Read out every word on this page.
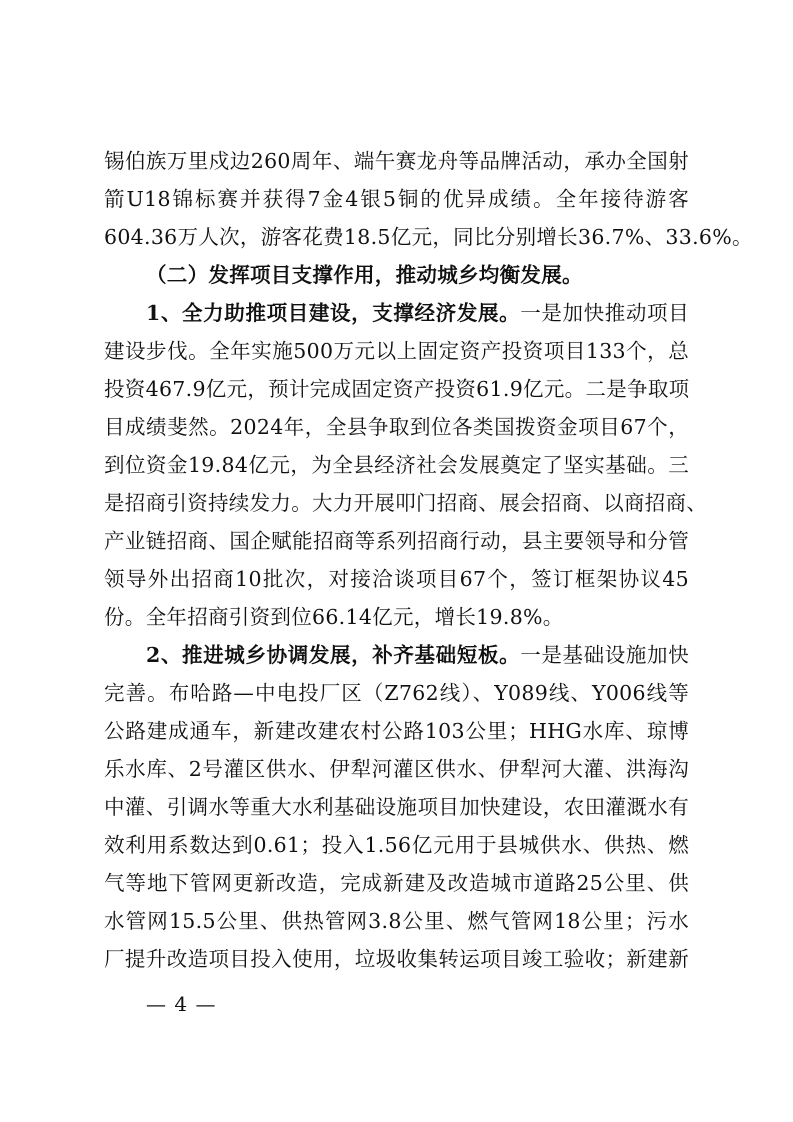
锡伯族万里戍边260周年、端午赛龙舟等品牌活动，承办全国射
箭U18锦标赛并获得7金4银5铜的优异成绩。全年接待游客
604.36万人次，游客花费18.5亿元，同比分别增长36.7%、33.6%。
（二）发挥项目支撑作用，推动城乡均衡发展。
1、全力助推项目建设，支撑经济发展。一是加快推动项目
建设步伐。全年实施500万元以上固定资产投资项目133个，总
投资467.9亿元，预计完成固定资产投资61.9亿元。二是争取项
目成绩斐然。2024年，全县争取到位各类国拨资金项目67个，
到位资金19.84亿元，为全县经济社会发展奠定了坚实基础。三
是招商引资持续发力。大力开展叩门招商、展会招商、以商招商、
产业链招商、国企赋能招商等系列招商行动，县主要领导和分管
领导外出招商10批次，对接洽谈项目67个，签订框架协议45
份。全年招商引资到位66.14亿元，增长19.8%。
2、推进城乡协调发展，补齐基础短板。一是基础设施加快
完善。布哈路—中电投厂区（Z762线）、Y089线、Y006线等
公路建成通车，新建改建农村公路103公里；HHG水库、琼博
乐水库、2号灌区供水、伊犁河灌区供水、伊犁河大灌、洪海沟
中灌、引调水等重大水利基础设施项目加快建设，农田灌溉水有
效利用系数达到0.61；投入1.56亿元用于县城供水、供热、燃
气等地下管网更新改造，完成新建及改造城市道路25公里、供
水管网15.5公里、供热管网3.8公里、燃气管网18公里；污水
厂提升改造项目投入使用，垃圾收集转运项目竣工验收；新建新
— 4 —
